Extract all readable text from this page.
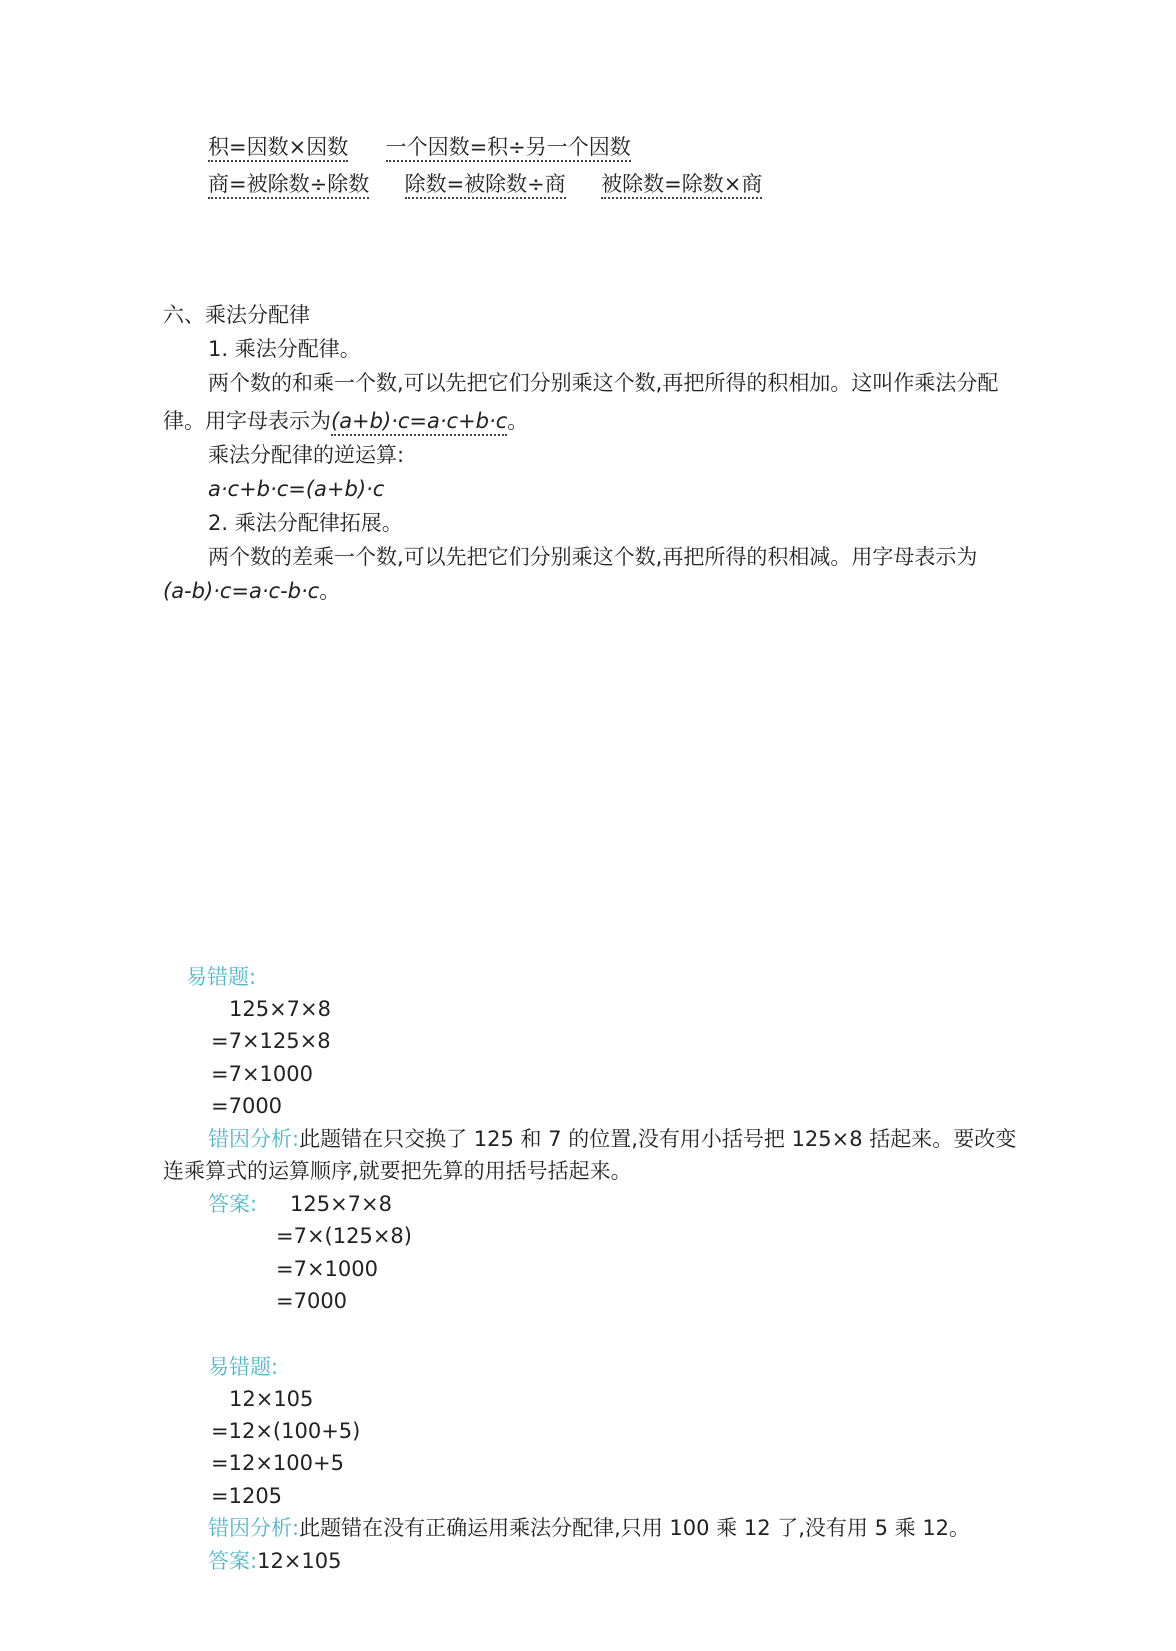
积=因数×因数 一个因数=积÷另一个因数
商=被除数÷除数 除数=被除数÷商 被除数=除数×商
六、乘法分配律
1. 乘法分配律。
两个数的和乘一个数,可以先把它们分别乘这个数,再把所得的积相加。这叫作乘法分配
律。用字母表示为(a+b)·c=a·c+b·c。
乘法分配律的逆运算:
a·c+b·c=(a+b)·c
2. 乘法分配律拓展。
两个数的差乘一个数,可以先把它们分别乘这个数,再把所得的积相减。用字母表示为
(a-b)·c=a·c-b·c。
易错题:
125×7×8
=7×125×8
=7×1000
=7000
错因分析:此题错在只交换了 125 和 7 的位置,没有用小括号把 125×8 括起来。要改变
连乘算式的运算顺序,就要把先算的用括号括起来。
答案: 125×7×8
=7×(125×8)
=7×1000
=7000
易错题:
12×105
=12×(100+5)
=12×100+5
=1205
错因分析:此题错在没有正确运用乘法分配律,只用 100 乘 12 了,没有用 5 乘 12。
答案:12×105
